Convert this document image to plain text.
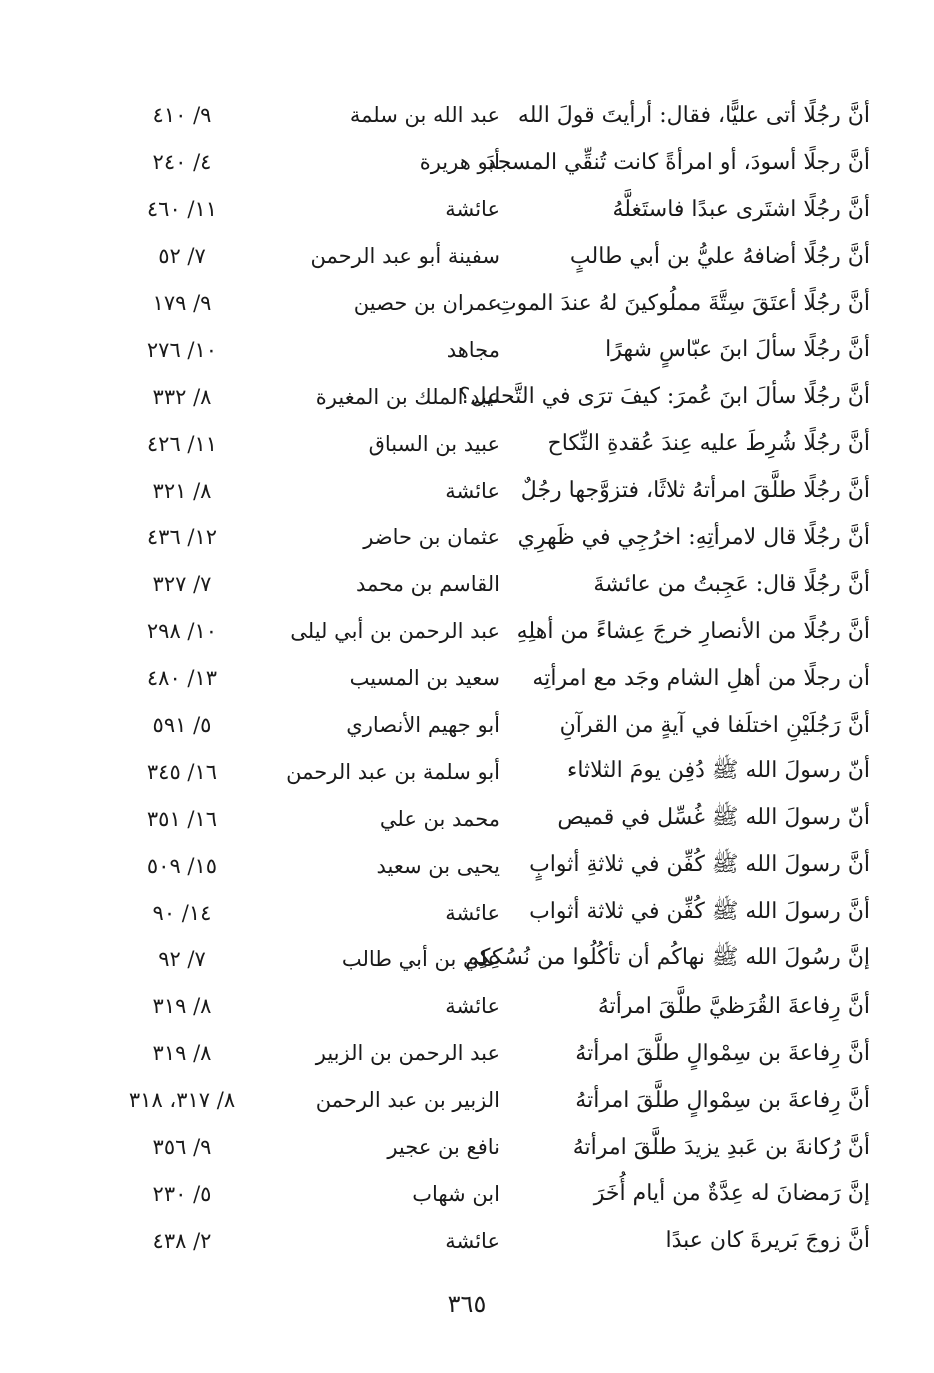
أنَّ رجُلًا أتى عليًّا، فقال: أرأيتَ قولَ الله
عبد الله بن سلمة
٩/ ٤١٠
أنَّ رجلًا أسودَ، أو امرأةً كانت تُنقِّي المسجدَ
أبو هريرة
٤/ ٢٤٠
أنَّ رجُلًا اشتَرى عبدًا فاستَغلَّهُ
عائشة
١١/ ٤٦٠
أنَّ رجُلًا أضافهُ عليُّ بن أبي طالبٍ
سفينة أبو عبد الرحمن
٧/ ٥٢
أنَّ رجُلًا أعتَقَ سِتَّةَ مملُوكينَ لهُ عندَ الموتِ
عمران بن حصين
٩/ ١٧٩
أنَّ رجُلًا سألَ ابنَ عبّاسٍ شهرًا
مجاهد
١٠/ ٢٧٦
أنَّ رجُلًا سألَ ابنَ عُمرَ: كيفَ ترَى في التَّحليل؟
عبد الملك بن المغيرة
٨/ ٣٣٢
أنَّ رجُلًا شُرِطَ عليه عِندَ عُقدةِ النِّكاح
عبيد بن السباق
١١/ ٤٢٦
أنَّ رجُلًا طلَّقَ امرأتهُ ثلاثًا، فتزوَّجها رجُلٌ
عائشة
٨/ ٣٢١
أنَّ رجُلًا قال لامرأتِهِ: اخرُجِي في ظَهرِي
عثمان بن حاضر
١٢/ ٤٣٦
أنَّ رجُلًا قال: عَجِبتُ من عائشةَ
القاسم بن محمد
٧/ ٣٢٧
أنَّ رجُلًا من الأنصارِ خرجَ عِشاءً من أهلِهِ
عبد الرحمن بن أبي ليلى
١٠/ ٢٩٨
أن رجلًا من أهلِ الشام وجَد مع امرأتِه
سعيد بن المسيب
١٣/ ٤٨٠
أنَّ رَجُلَيْنِ اختلَفا في آيةٍ من القرآنِ
أبو جهيم الأنصاري
٥/ ٥٩١
أنّ رسولَ الله ﷺ دُفِن يومَ الثلاثاء
أبو سلمة بن عبد الرحمن
١٦/ ٣٤٥
أنّ رسولَ الله ﷺ غُسِّل في قميص
محمد بن علي
١٦/ ٣٥١
أنَّ رسولَ الله ﷺ كُفِّن في ثلاثةِ أثوابٍ
يحيى بن سعيد
١٥/ ٥٠٩
أنَّ رسولَ الله ﷺ كُفِّن في ثلاثة أثواب
عائشة
١٤/ ٩٠
إنَّ رسُولَ الله ﷺ نهاكُم أن تأكُلُوا من نُسُكِكِم
علي بن أبي طالب
٧/ ٩٢
أنَّ رِفاعةَ القُرَظيَّ طلَّقَ امرأتهُ
عائشة
٨/ ٣١٩
أنَّ رِفاعةَ بن سِمْوالٍ طلَّقَ امرأتهُ
عبد الرحمن بن الزبير
٨/ ٣١٩
أنَّ رِفاعةَ بن سِمْوالٍ طلَّقَ امرأتهُ
الزبير بن عبد الرحمن
٨/ ٣١٧، ٣١٨
أنَّ رُكانةَ بن عَبدِ يزيدَ طلَّقَ امرأتهُ
نافع بن عجير
٩/ ٣٥٦
إنَّ رَمضانَ له عِدَّةٌ من أيام أُخَرَ
ابن شهاب
٥/ ٢٣٠
أنَّ زوجَ بَريرةَ كان عبدًا
عائشة
٢/ ٤٣٨
٣٦٥
